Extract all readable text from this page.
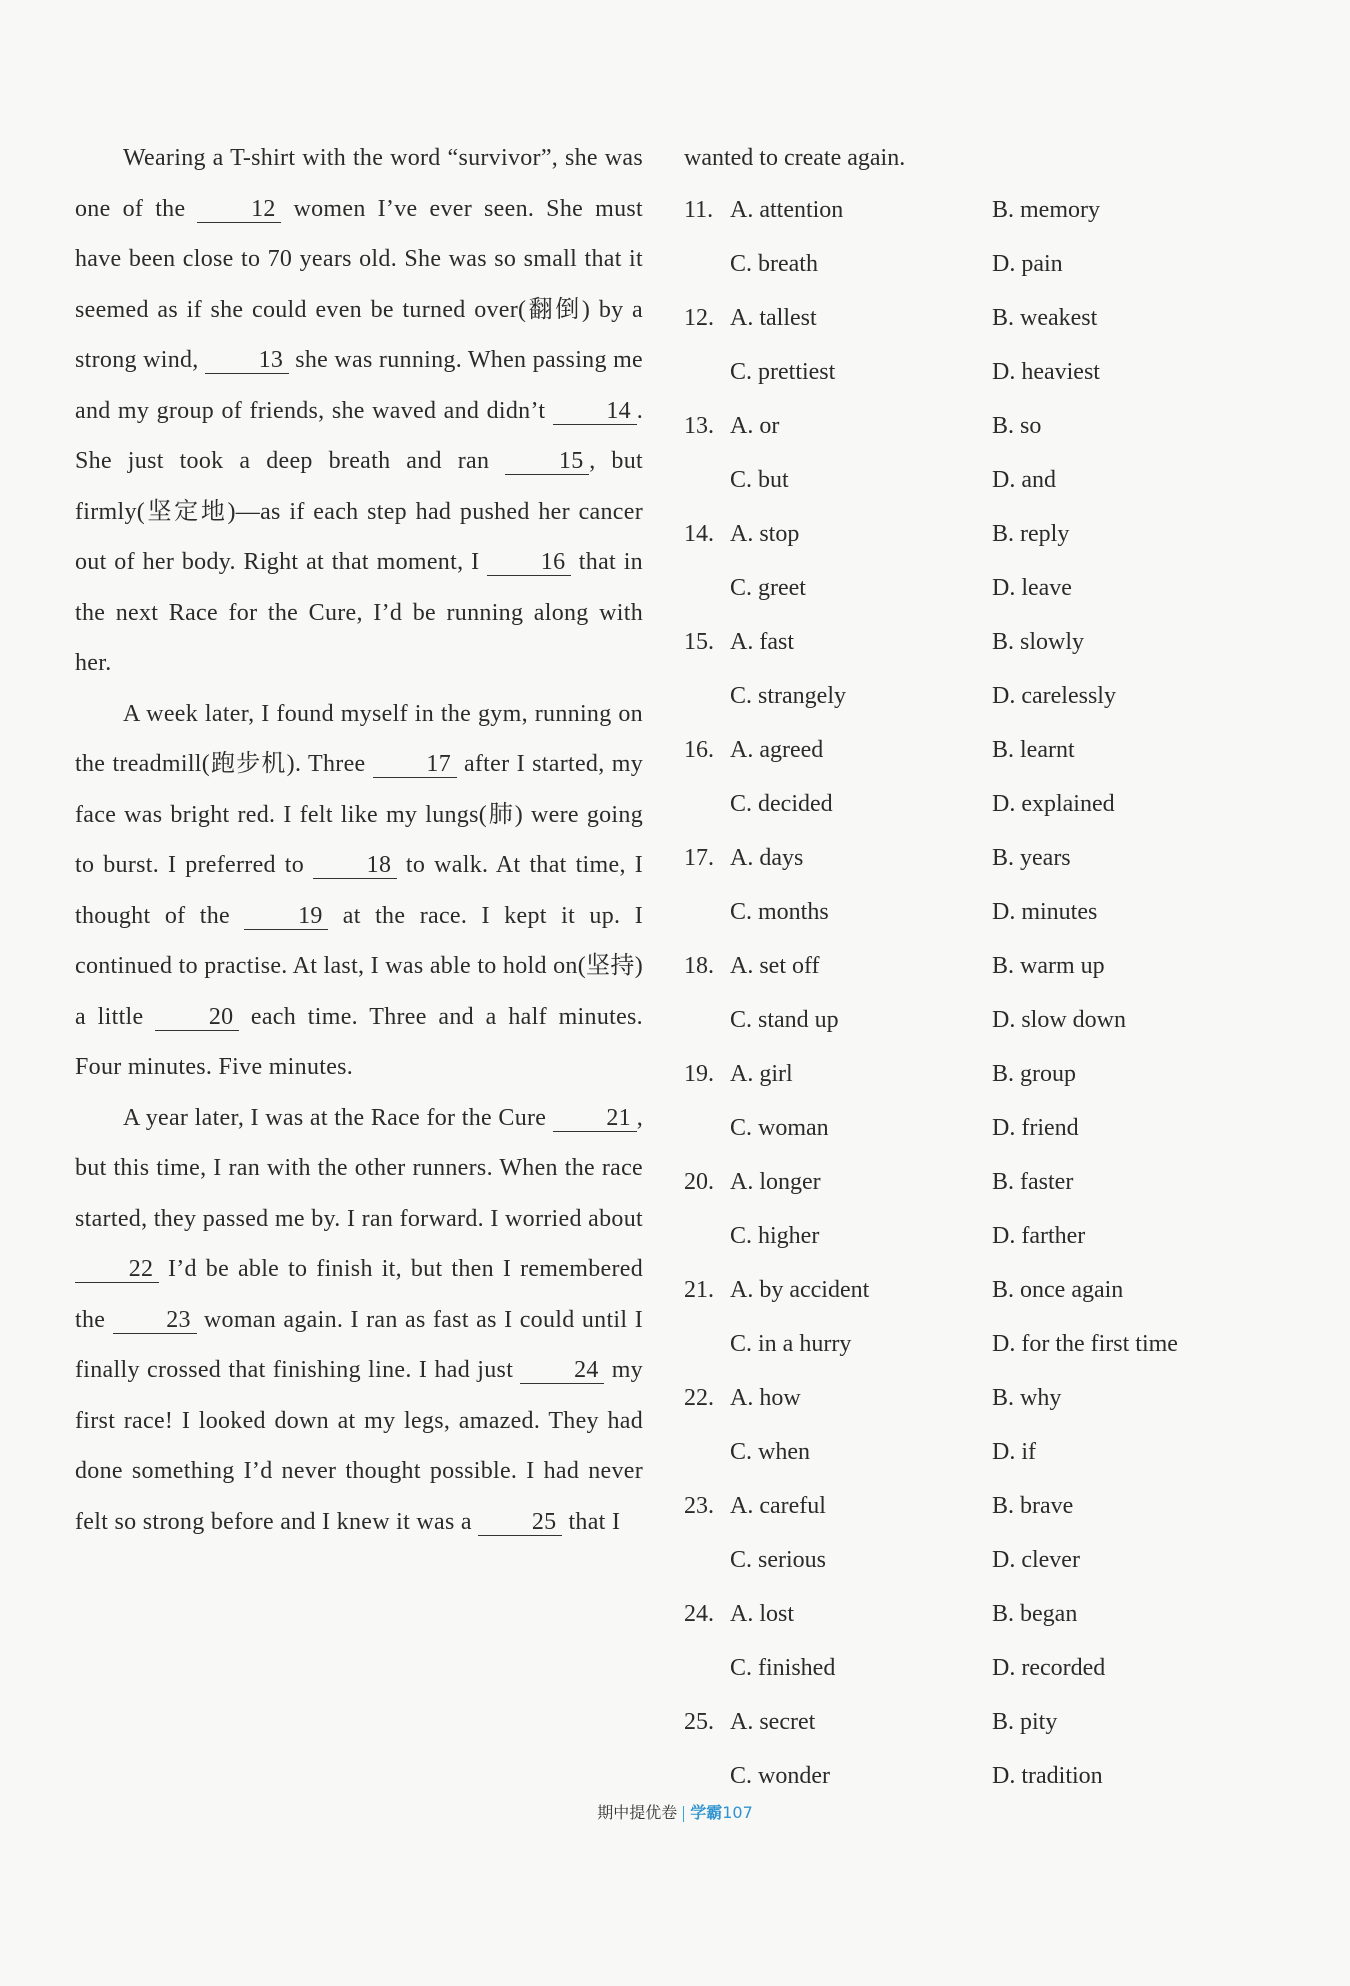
Wearing a T-shirt with the word “survivor”, she was one of the 12 women I’ve ever seen. She must have been close to 70 years old. She was so small that it seemed as if she could even be turned over(翻倒) by a strong wind, 13 she was running. When passing me and my group of friends, she waved and didn’t 14 . She just took a deep breath and ran 15 , but firmly(坚定地)—as if each step had pushed her cancer out of her body. Right at that moment, I 16 that in the next Race for the Cure, I’d be running along with her.

A week later, I found myself in the gym, running on the treadmill(跑步机). Three 17 after I started, my face was bright red. I felt like my lungs(肺) were going to burst. I preferred to 18 to walk. At that time, I thought of the 19 at the race. I kept it up. I continued to practise. At last, I was able to hold on(坚持) a little 20 each time. Three and a half minutes. Four minutes. Five minutes.

A year later, I was at the Race for the Cure 21 , but this time, I ran with the other runners. When the race started, they passed me by. I ran forward. I worried about 22 I’d be able to finish it, but then I remembered the 23 woman again. I ran as fast as I could until I finally crossed that finishing line. I had just 24 my first race! I looked down at my legs, amazed. They had done something I’d never thought possible. I had never felt so strong before and I knew it was a 25 that I

wanted to create again.

11. A. attention	B. memory
C. breath	D. pain
12. A. tallest	B. weakest
C. prettiest	D. heaviest
13. A. or	B. so
C. but	D. and
14. A. stop	B. reply
C. greet	D. leave
15. A. fast	B. slowly
C. strangely	D. carelessly
16. A. agreed	B. learnt
C. decided	D. explained
17. A. days	B. years
C. months	D. minutes
18. A. set off	B. warm up
C. stand up	D. slow down
19. A. girl	B. group
C. woman	D. friend
20. A. longer	B. faster
C. higher	D. farther
21. A. by accident	B. once again
C. in a hurry	D. for the first time
22. A. how	B. why
C. when	D. if
23. A. careful	B. brave
C. serious	D. clever
24. A. lost	B. began
C. finished	D. recorded
25. A. secret	B. pity
C. wonder	D. tradition
期中提优卷 学霸107
